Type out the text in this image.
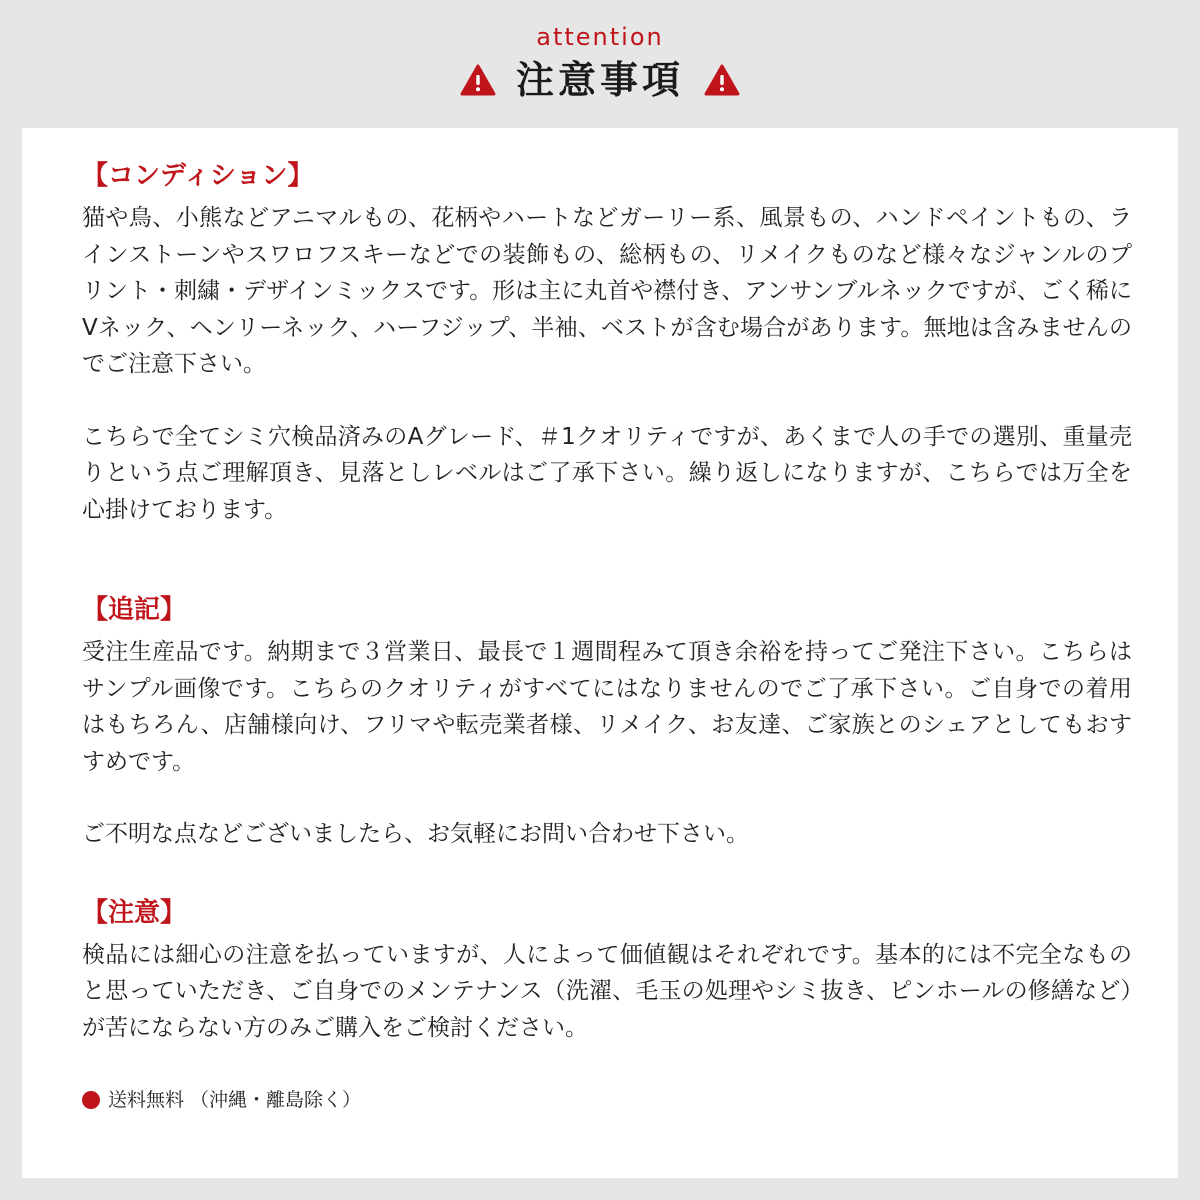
attention
注意事項
【コンディション】

猫や鳥、小熊などアニマルもの、花柄やハートなどガーリー系、風景もの、ハンドペイントもの、ラインストーンやスワロフスキーなどでの装飾もの、総柄もの、リメイクものなど様々なジャンルのプリント・刺繍・デザインミックスです。形は主に丸首や襟付き、アンサンブルネックですが、ごく稀にVネック、ヘンリーネック、ハーフジップ、半袖、ベストが含む場合があります。無地は含みませんのでご注意下さい。

こちらで全てシミ穴検品済みのAグレード、＃1クオリティですが、あくまで人の手での選別、重量売りという点ご理解頂き、見落としレベルはご了承下さい。繰り返しになりますが、こちらでは万全を心掛けております。

【追記】

受注生産品です。納期まで３営業日、最長で１週間程みて頂き余裕を持ってご発注下さい。こちらはサンプル画像です。こちらのクオリティがすべてにはなりませんのでご了承下さい。ご自身での着用はもちろん、店舗様向け、フリマや転売業者様、リメイク、お友達、ご家族とのシェアとしてもおすすめです。

ご不明な点などございましたら、お気軽にお問い合わせ下さい。

【注意】

検品には細心の注意を払っていますが、人によって価値観はそれぞれです。基本的には不完全なものと思っていただき、ご自身でのメンテナンス（洗濯、毛玉の処理やシミ抜き、ピンホールの修繕など）が苦にならない方のみご購入をご検討ください。

送料無料 （沖縄・離島除く）
